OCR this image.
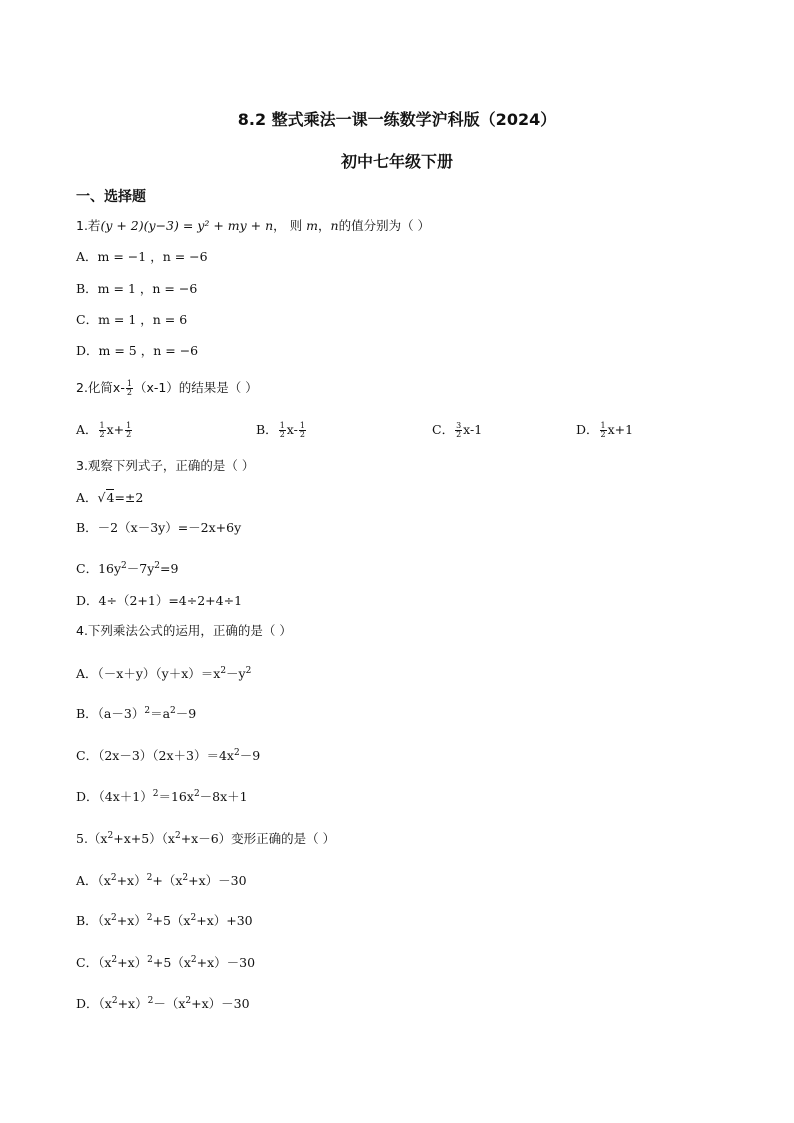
8.2 整式乘法一课一练数学沪科版（2024）
初中七年级下册
一、选择题
1.若(y + 2)(y−3) = y² + my + n， 则 m，n的值分别为（ ）
A．m = −1 ，n = −6
B．m = 1 ，n = −6
C．m = 1 ，n = 6
D．m = 5 ，n = −6
2.化简$x- \frac{1}{2} (x-1)$的结果是（ ）
A． $\frac{1}{2} x+ \frac{1}{2}$	B． $\frac{1}{2} x- \frac{1}{2}$	C． $\frac{3}{2} x-1$	D． $\frac{1}{2} x+1$
3.观察下列式子，正确的是（ ）
A．√4=±2
B．－2（x－3y）=－2x+6y
C．$16y^2-7y^2=9$
D．4÷（2+1）=4÷2+4÷1
4.下列乘法公式的运用，正确的是（ ）
A．$(-x+y)(y+x)=x^2-y^2$
B．$(a-3)^2=a^2-9$
C．$(2x-3)(2x+3)=4x^2-9$
D．$(4x+1)^2=16x^2-8x+1$
$5.(x^2+x+5)(x^2+x-6)$变形正确的是（ ）
A．$(x^2+x)^2+(x^2+x)-30$
B．$(x^2+x)^2+5(x^2+x)+30$
C．$(x^2+x)^2+5(x^2+x)-30$
D．$(x^2+x)^2-(x^2+x)-30$
